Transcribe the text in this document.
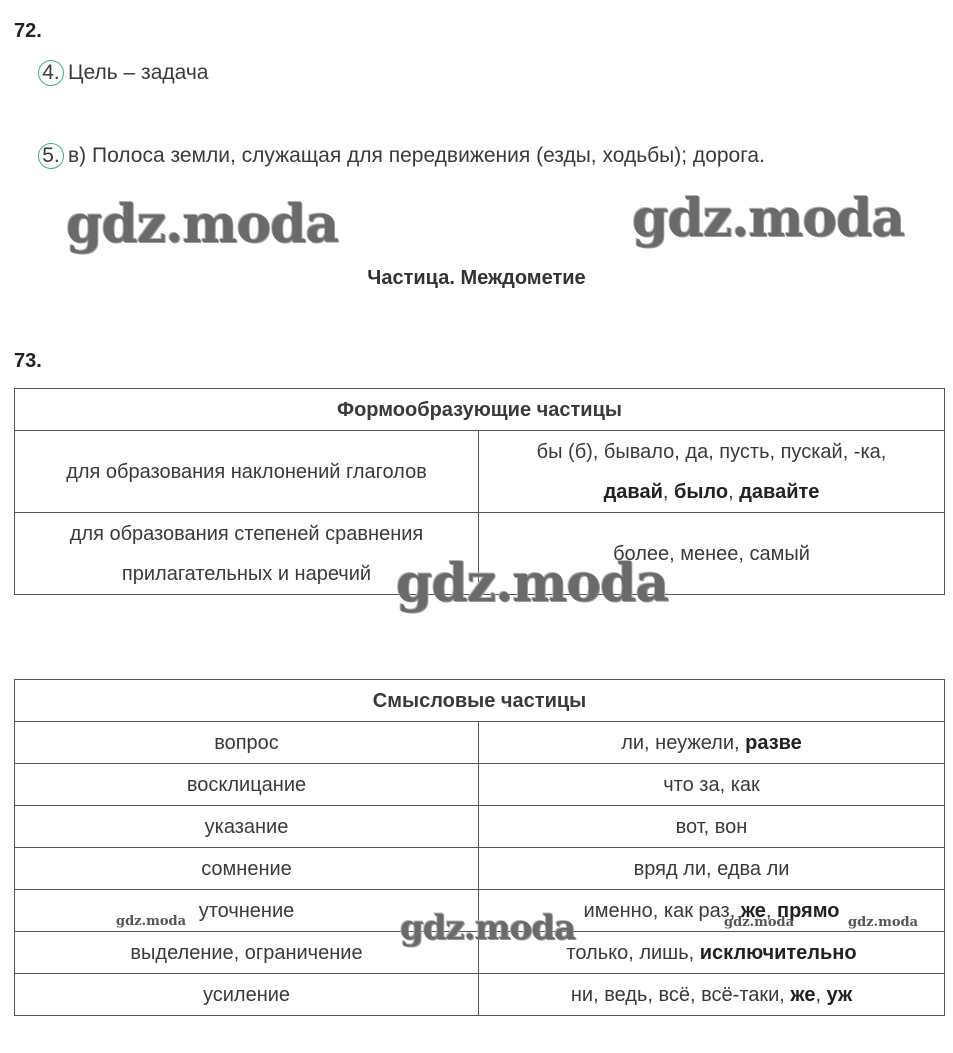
72.
4. Цель – задача
5. в) Полоса земли, служащая для передвижения (езды, ходьбы); дорога.
gdz.moda	gdz.moda
Частица. Междометие
73.
Формообразующие частицы	
для образования наклонений глаголов	бы (б), бывало, да, пусть, пускай, -ка,
давай, было, давайте

для образования степеней сравнения
прилагательных и наречий	более, менее, самый
gdz.moda
Смысловые частицы	
вопрос	ли, неужели, разве
восклицание	что за, как
указание	вот, вон
сомнение	вряд ли, едва ли
уточнение	именно, как раз, же, прямо
выделение, ограничение	только, лишь, исключительно
усиление	ни, ведь, всё, всё-таки, же, уж
gdz.moda	gdz.moda	gdz.moda	gdz.moda
